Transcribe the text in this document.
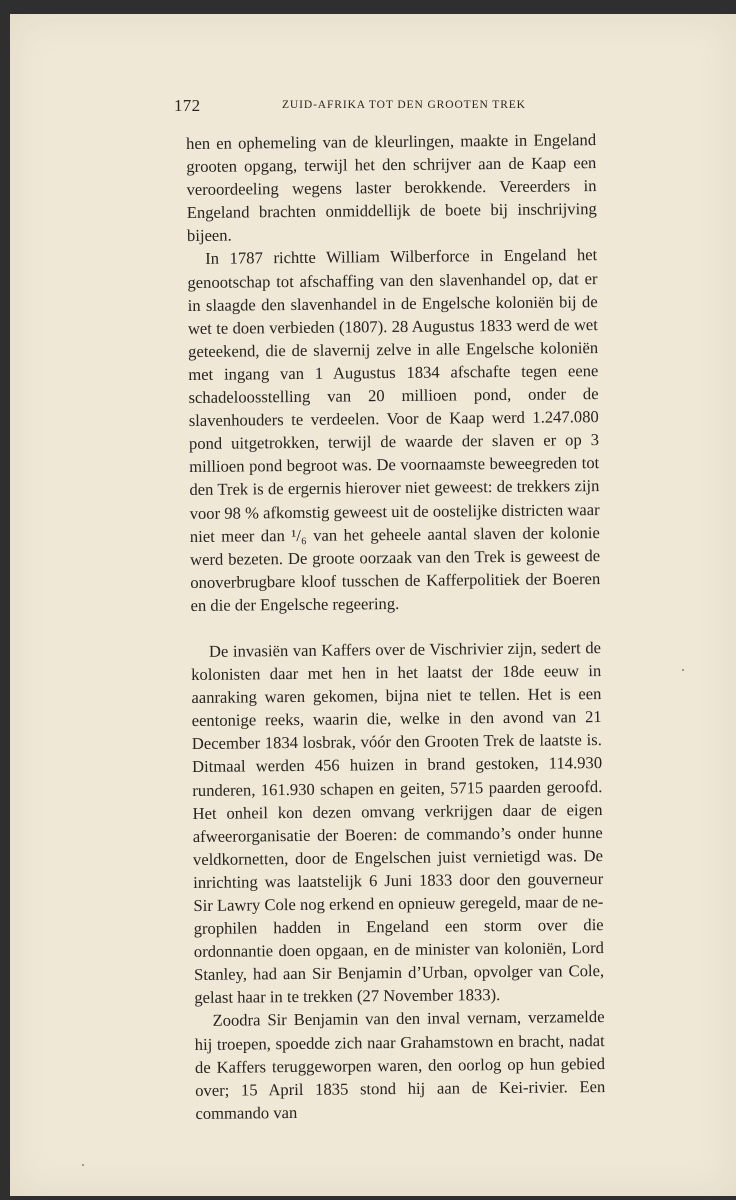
172	ZUID-AFRIKA TOT DEN GROOTEN TREK

hen en ophemeling van de kleurlingen, maakte in Engeland grooten opgang, terwijl het den schrijver aan de Kaap een veroordeeling wegens laster berokkende. Vereerders in Engeland brachten onmiddellijk de boete bij inschrijving bijeen.

In 1787 richtte William Wilberforce in Engeland het genootschap tot afschaffing van den slavenhandel op, dat er in slaagde den slavenhandel in de Engelsche koloniën bij de wet te doen verbieden (1807). 28 Augustus 1833 werd de wet geteekend, die de slavernij zelve in alle Engelsche koloniën met ingang van 1 Augustus 1834 afschafte tegen eene schadeloosstelling van 20 millioen pond, onder de slavenhouders te verdeelen. Voor de Kaap werd 1.247.080 pond uitgetrokken, terwijl de waarde der slaven er op 3 millioen pond begroot was. De voornaamste beweegreden tot den Trek is de ergernis hierover niet geweest: de trekkers zijn voor 98 % afkomstig geweest uit de oostelijke districten waar niet meer dan ¹/₆ van het geheele aantal slaven der kolonie werd bezeten. De groote oorzaak van den Trek is geweest de onoverbrugbare kloof tusschen de Kafferpolitiek der Boeren en die der Engelsche regeering.

De invasiën van Kaffers over de Vischrivier zijn, sedert de kolonisten daar met hen in het laatst der 18de eeuw in aanraking waren gekomen, bijna niet te tellen. Het is een eentonige reeks, waarin die, welke in den avond van 21 December 1834 losbrak, vóór den Grooten Trek de laatste is. Ditmaal werden 456 huizen in brand gestoken, 114.930 runderen, 161.930 schapen en geiten, 5715 paarden geroofd. Het onheil kon dezen omvang verkrijgen daar de eigen afweerorganisatie der Boeren: de commando’s onder hunne veldkornetten, door de Engelschen juist vernietigd was. De inrichting was laatstelijk 6 Juni 1833 door den gouverneur Sir Lawry Cole nog erkend en opnieuw geregeld, maar de negrophilen hadden in Engeland een storm over die ordonnantie doen opgaan, en de minister van koloniën, Lord Stanley, had aan Sir Benjamin d’Urban, opvolger van Cole, gelast haar in te trekken (27 November 1833).

Zoodra Sir Benjamin van den inval vernam, verzamelde hij troepen, spoedde zich naar Grahamstown en bracht, nadat de Kaffers teruggeworpen waren, den oorlog op hun gebied over; 15 April 1835 stond hij aan de Kei-rivier. Een commando van
